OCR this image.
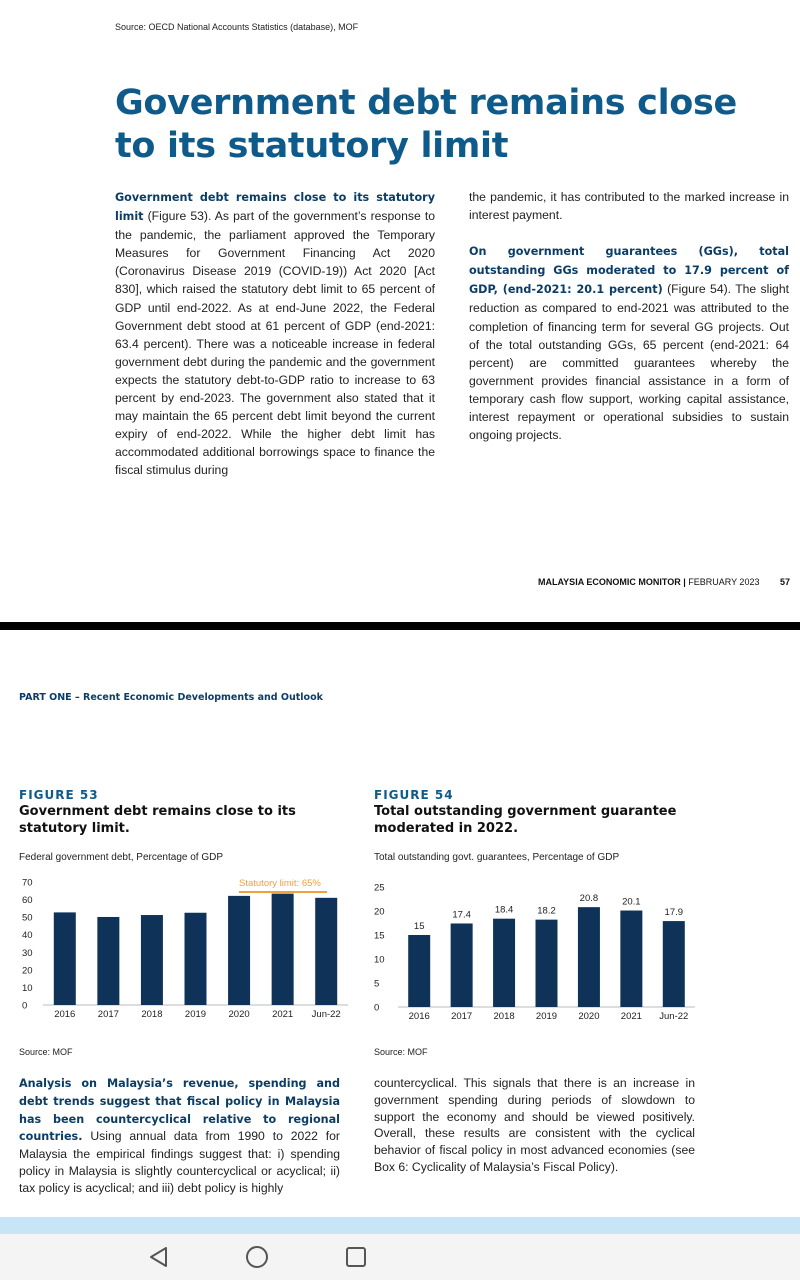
Source: OECD National Accounts Statistics (database), MOF
Government debt remains close to its statutory limit
Government debt remains close to its statutory limit (Figure 53). As part of the government’s response to the pandemic, the parliament approved the Temporary Measures for Government Financing Act 2020 (Coronavirus Disease 2019 (COVID-19)) Act 2020 [Act 830], which raised the statutory debt limit to 65 percent of GDP until end-2022. As at end-June 2022, the Federal Government debt stood at 61 percent of GDP (end-2021: 63.4 percent). There was a noticeable increase in federal government debt during the pandemic and the government expects the statutory debt-to-GDP ratio to increase to 63 percent by end-2023. The government also stated that it may maintain the 65 percent debt limit beyond the current expiry of end-2022. While the higher debt limit has accommodated additional borrowings space to finance the fiscal stimulus during

the pandemic, it has contributed to the marked increase in interest payment.

On government guarantees (GGs), total outstanding GGs moderated to 17.9 percent of GDP, (end-2021: 20.1 percent) (Figure 54). The slight reduction as compared to end-2021 was attributed to the completion of financing term for several GG projects. Out of the total outstanding GGs, 65 percent (end-2021: 64 percent) are committed guarantees whereby the government provides financial assistance in a form of temporary cash flow support, working capital assistance, interest repayment or operational subsidies to sustain ongoing projects.

MALAYSIA ECONOMIC MONITOR | FEBRUARY 2023 57
PART ONE – Recent Economic Developments and Outlook
FIGURE 53
Government debt remains close to its statutory limit.
Federal government debt, Percentage of GDP
0
10
20
30
40
50
60
70
2016 2017 2018 2019 2020 2021 Jun-22
Statutory limit: 65%
Source: MOF
FIGURE 54
Total outstanding government guarantee moderated in 2022.
Total outstanding govt. guarantees, Percentage of GDP
0
5
10
15
20
25
2016
15
2017
17.4
2018
18.4
2019
18.2
2020
20.8
2021
20.1
Jun-22
17.9
Source: MOF
Analysis on Malaysia’s revenue, spending and debt trends suggest that fiscal policy in Malaysia has been countercyclical relative to regional countries. Using annual data from 1990 to 2022 for Malaysia the empirical findings suggest that: i) spending policy in Malaysia is slightly countercyclical or acyclical; ii) tax policy is acyclical; and iii) debt policy is highly
countercyclical. This signals that there is an increase in government spending during periods of slowdown to support the economy and should be viewed positively. Overall, these results are consistent with the cyclical behavior of fiscal policy in most advanced economies (see Box 6: Cyclicality of Malaysia’s Fiscal Policy).
